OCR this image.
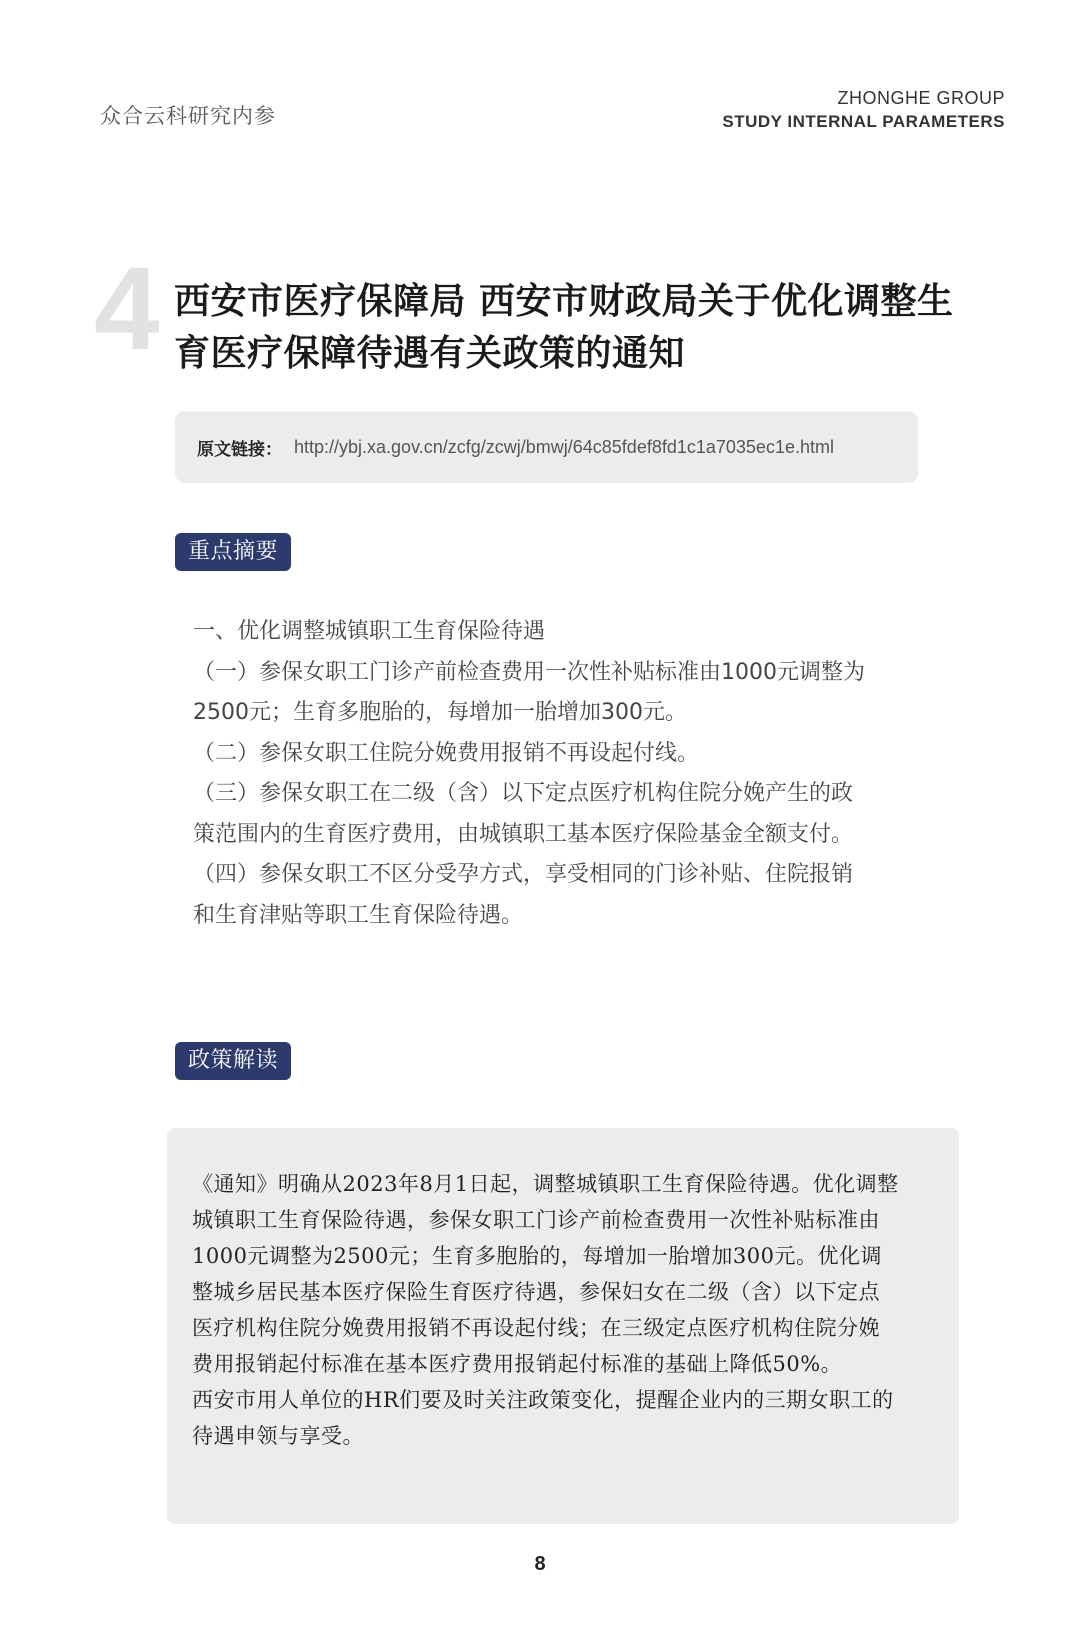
众合云科研究内参
ZHONGHE GROUP
STUDY INTERNAL PARAMETERS
4 西安市医疗保障局 西安市财政局关于优化调整生育医疗保障待遇有关政策的通知
原文链接： http://ybj.xa.gov.cn/zcfg/zcwj/bmwj/64c85fdef8fd1c1a7035ec1e.html
重点摘要

一、优化调整城镇职工生育保险待遇

（一）参保女职工门诊产前检查费用一次性补贴标准由1000元调整为2500元；生育多胞胎的，每增加一胎增加300元。

（二）参保女职工住院分娩费用报销不再设起付线。

（三）参保女职工在二级（含）以下定点医疗机构住院分娩产生的政策范围内的生育医疗费用，由城镇职工基本医疗保险基金全额支付。

（四）参保女职工不区分受孕方式，享受相同的门诊补贴、住院报销和生育津贴等职工生育保险待遇。

政策解读

《通知》明确从2023年8月1日起，调整城镇职工生育保险待遇。优化调整城镇职工生育保险待遇，参保女职工门诊产前检查费用一次性补贴标准由1000元调整为2500元；生育多胞胎的，每增加一胎增加300元。优化调整城乡居民基本医疗保险生育医疗待遇，参保妇女在二级（含）以下定点医疗机构住院分娩费用报销不再设起付线；在三级定点医疗机构住院分娩费用报销起付标准在基本医疗费用报销起付标准的基础上降低50%。

西安市用人单位的HR们要及时关注政策变化，提醒企业内的三期女职工的待遇申领与享受。

8
